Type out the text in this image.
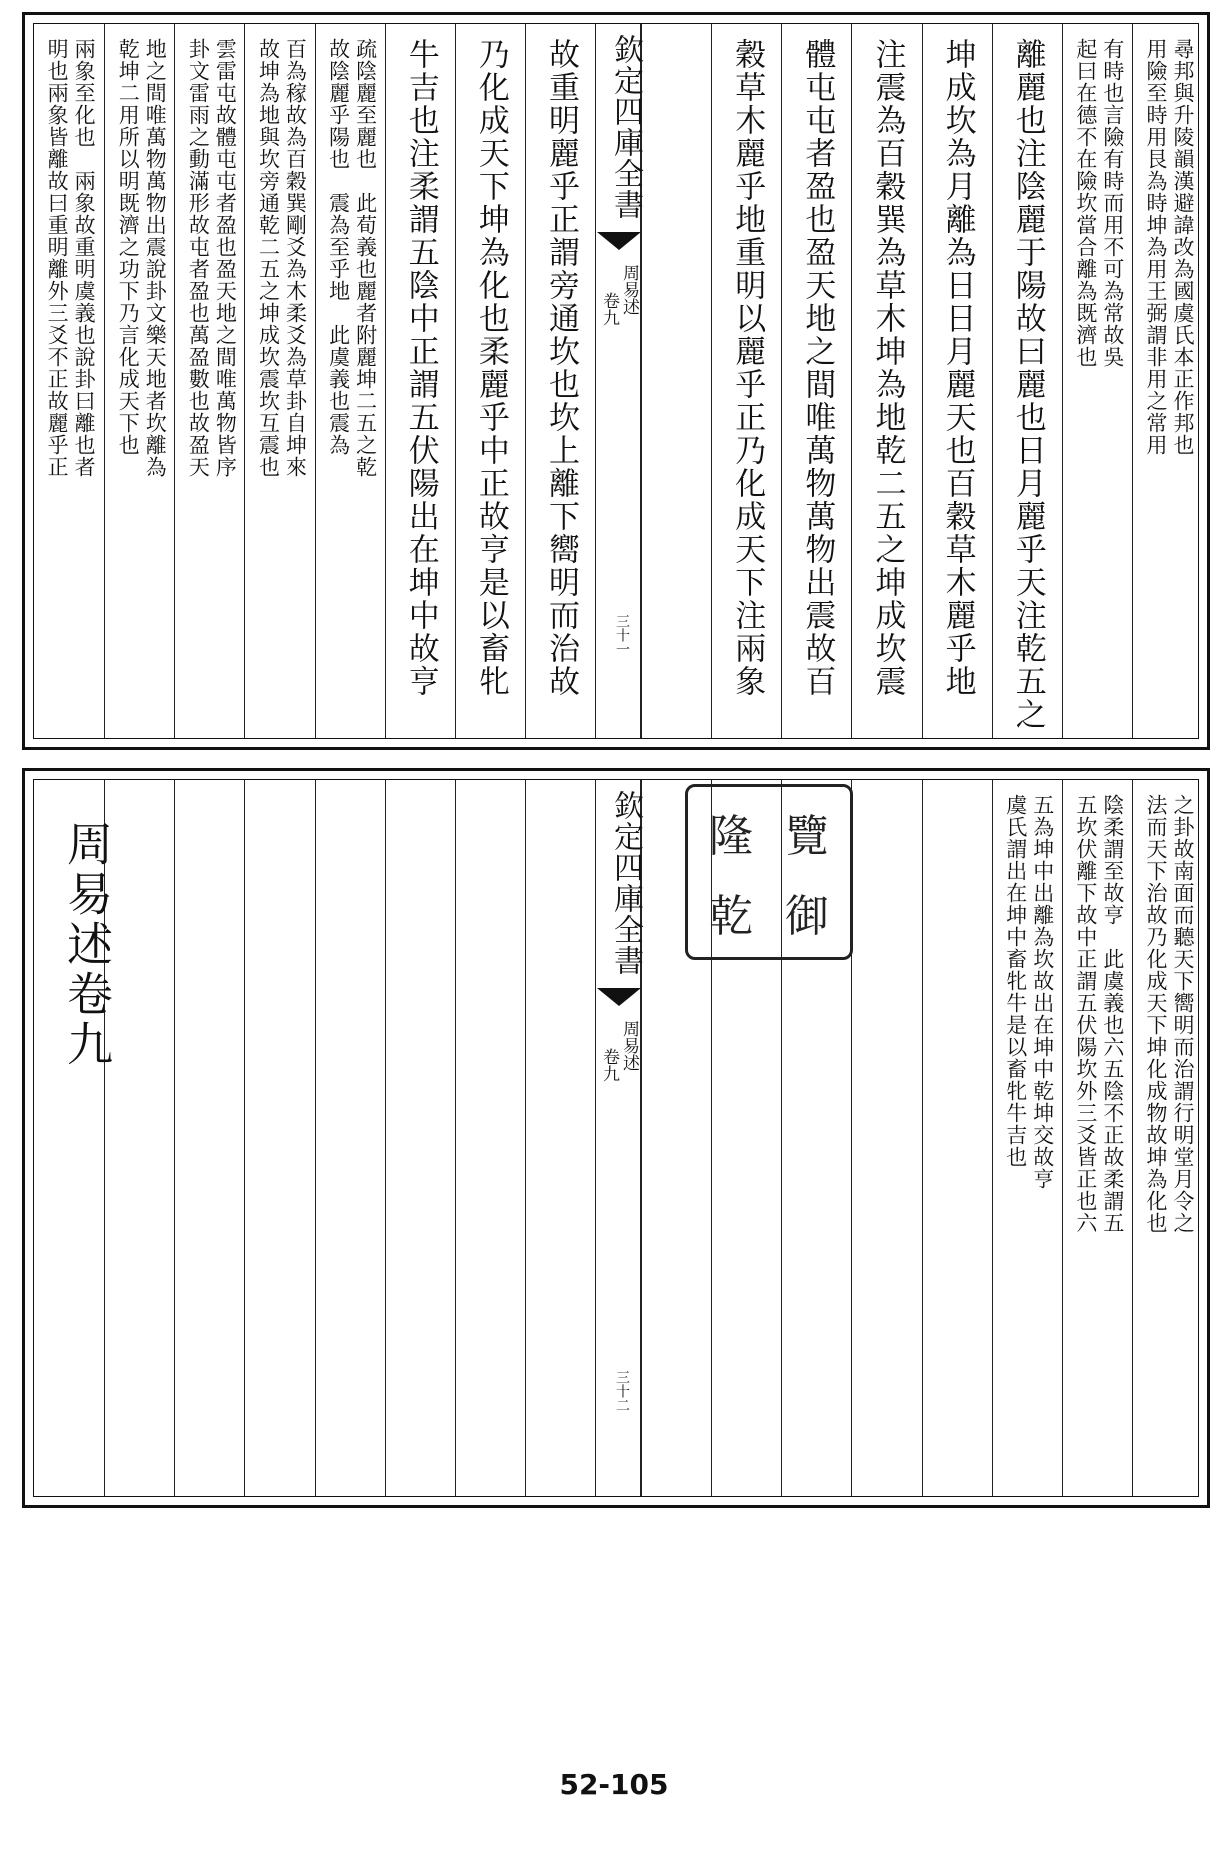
欽定四庫全書
周易述
卷九
三十一
尋邦與升陵韻漢避諱改為國虞氏本正作邦也
用險至時用艮為時坤為用王弼謂非用之常用
有時也言險有時而用不可為常故吳
起曰在德不在險坎當合離為既濟也
離麗也注陰麗于陽故曰麗也日月麗乎天注乾五之
坤成坎為月離為日日月麗天也百穀草木麗乎地
注震為百穀巽為草木坤為地乾二五之坤成坎震
體屯屯者盈也盈天地之間唯萬物萬物出震故百
穀草木麗乎地重明以麗乎正乃化成天下注兩象
故重明麗乎正謂旁通坎也坎上離下嚮明而治故
乃化成天下坤為化也柔麗乎中正故亨是以畜牝
牛吉也注柔謂五陰中正謂五伏陽出在坤中故亨
疏陰麗至麗也　此荀義也麗者附麗坤二五之乾
故陰麗乎陽也　震為至乎地　此虞義也震為
百為稼故為百穀巽剛爻為木柔爻為草卦自坤來
故坤為地與坎旁通乾二五之坤成坎震坎互震也
雲雷屯故體屯屯者盈也盈天地之間唯萬物皆序
卦文雷雨之動滿形故屯者盈也萬盈數也故盈天
地之間唯萬物萬物出震說卦文樂天地者坎離為
乾坤二用所以明既濟之功下乃言化成天下也
兩象至化也　兩象故重明虞義也說卦曰離也者
明也兩象皆離故曰重明離外三爻不正故麗乎正
欽定四庫全書
周易述
卷九
三十二
之卦故南面而聽天下嚮明而治謂行明堂月令之
法而天下治故乃化成天下坤化成物故坤為化也
陰柔謂至故亨　此虞義也六五陰不正故柔謂五
五坎伏離下故中正謂五伏陽坎外三爻皆正也六
五為坤中出離為坎故出在坤中乾坤交故亨
虞氏謂出在坤中畜牝牛是以畜牝牛吉也
隆 覽
乾 御
周易述卷九
52-105
